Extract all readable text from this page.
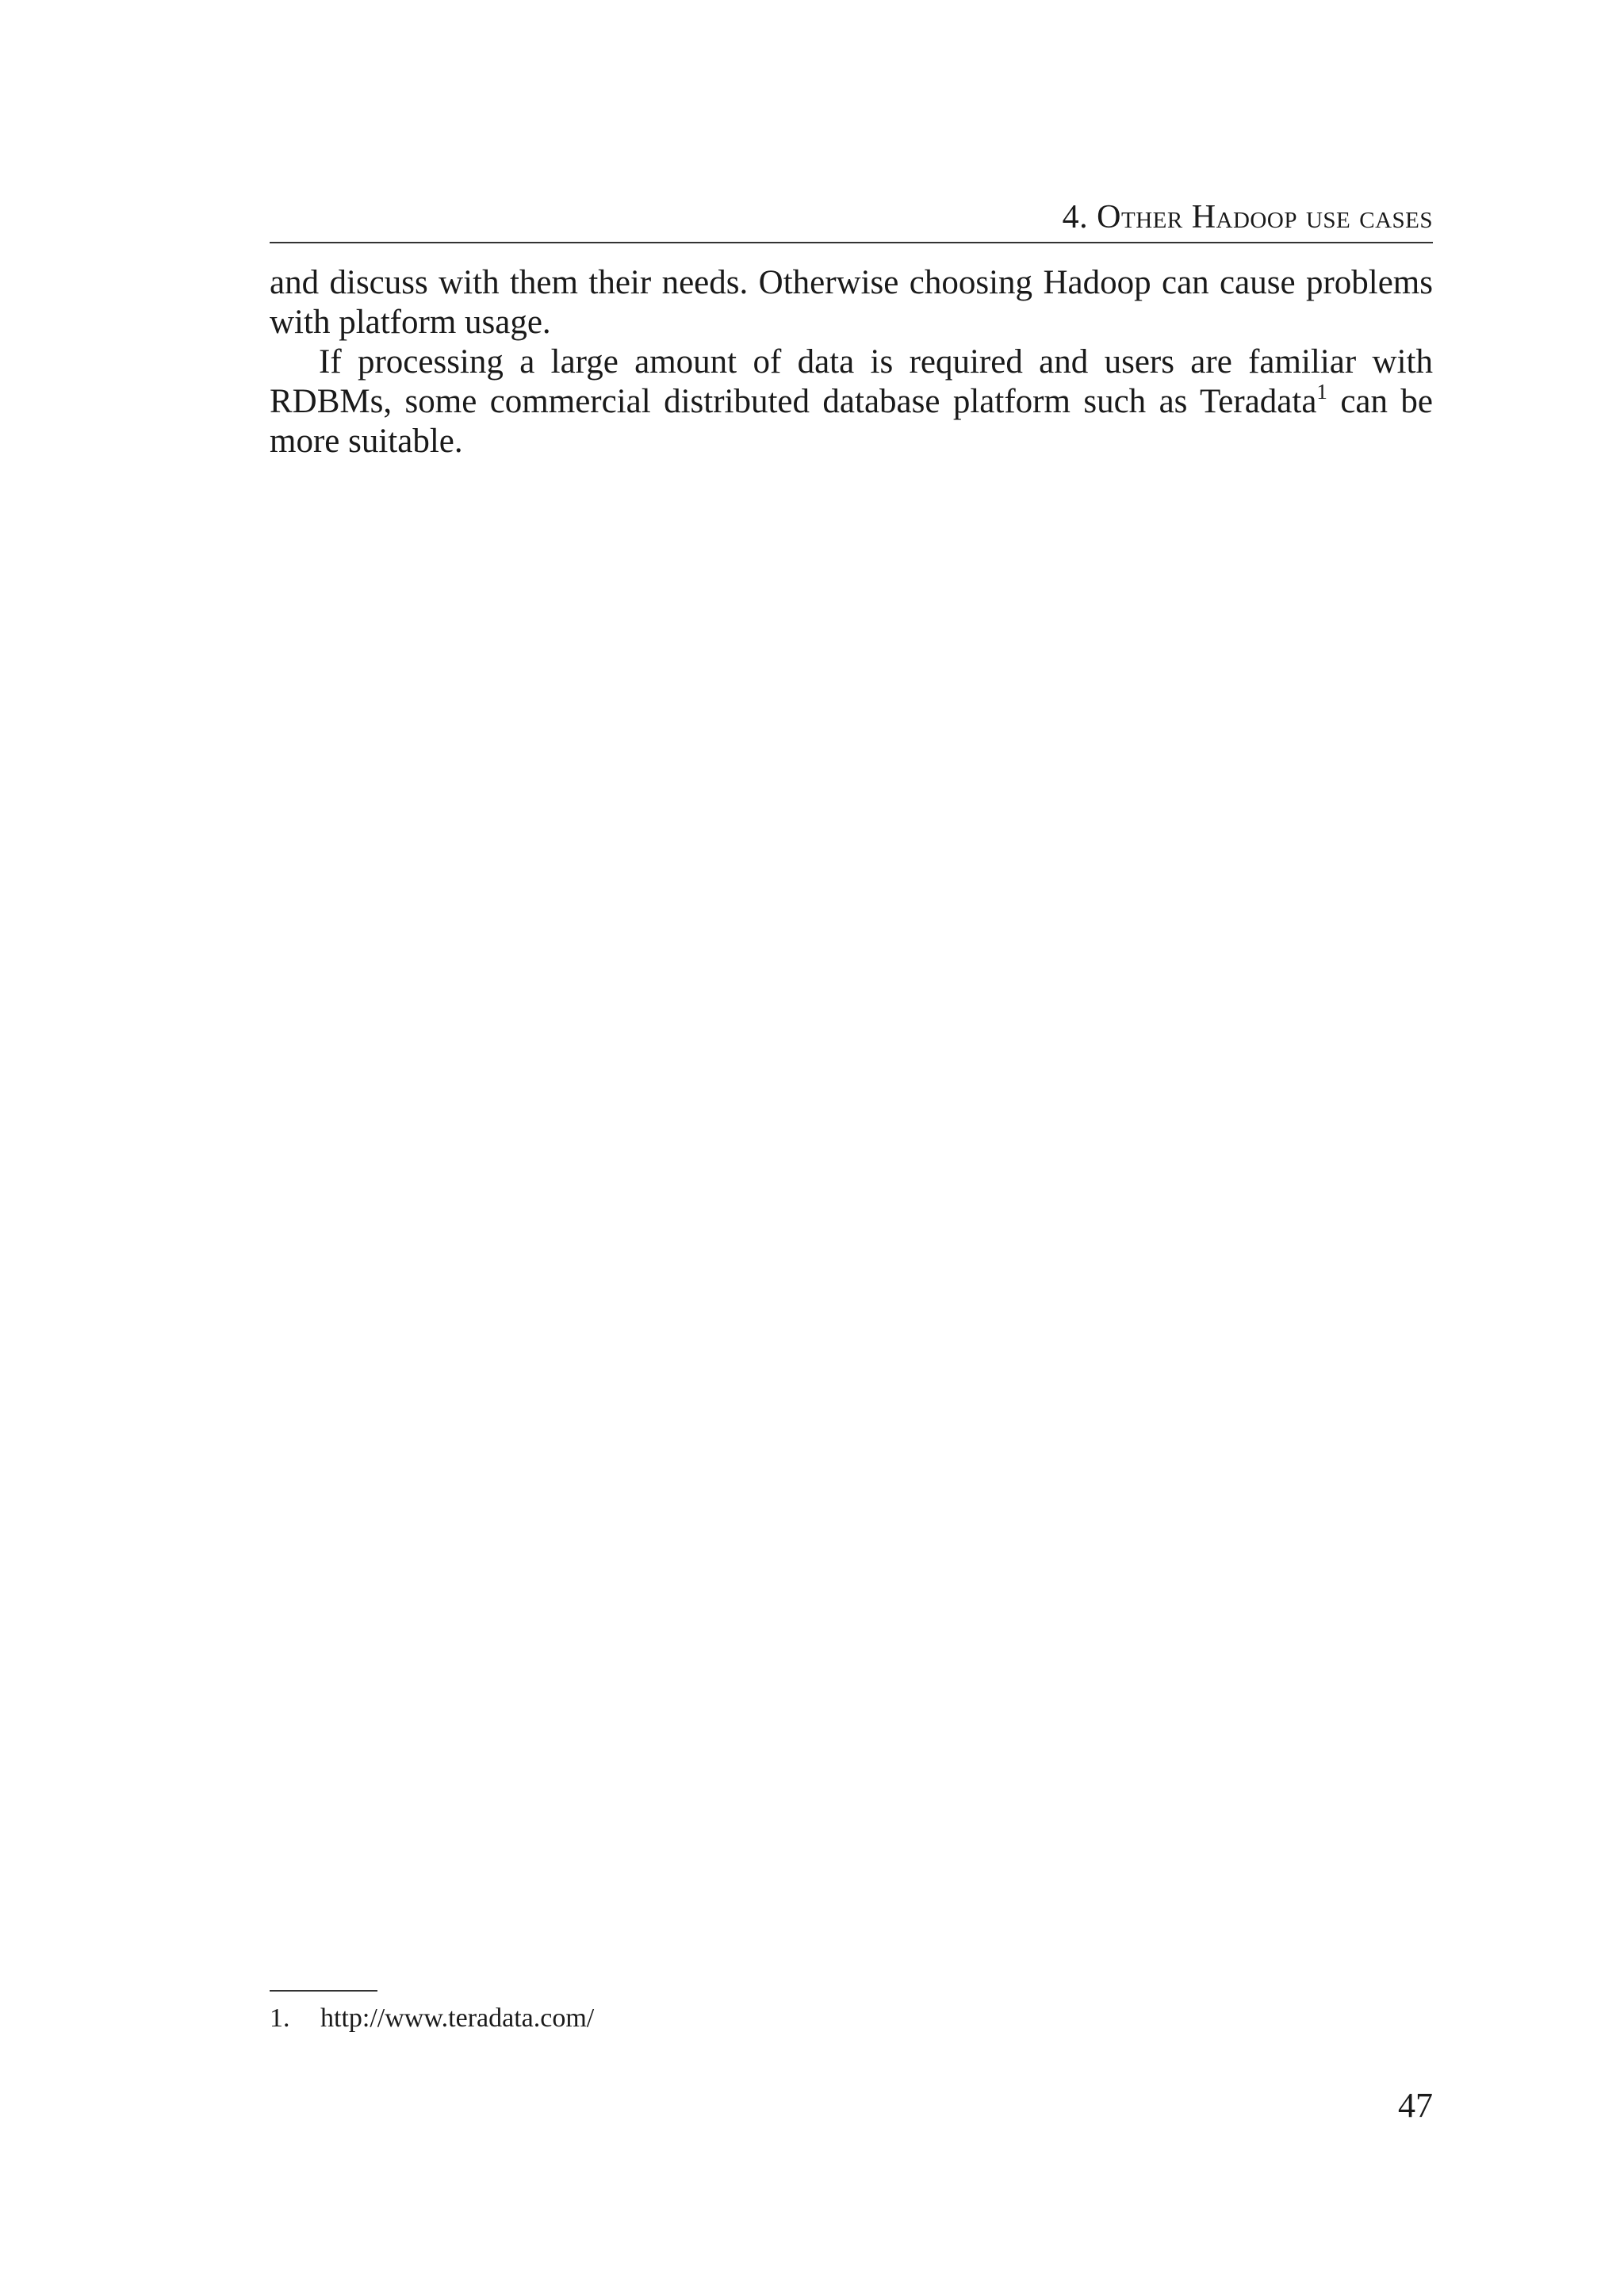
4. Other Hadoop use cases

and discuss with them their needs. Otherwise choosing Hadoop can cause problems with platform usage.

If processing a large amount of data is required and users are familiar with RDBMs, some commercial distributed database platform such as Teradata$^1$ can be more suitable.

1. http://www.teradata.com/
47
